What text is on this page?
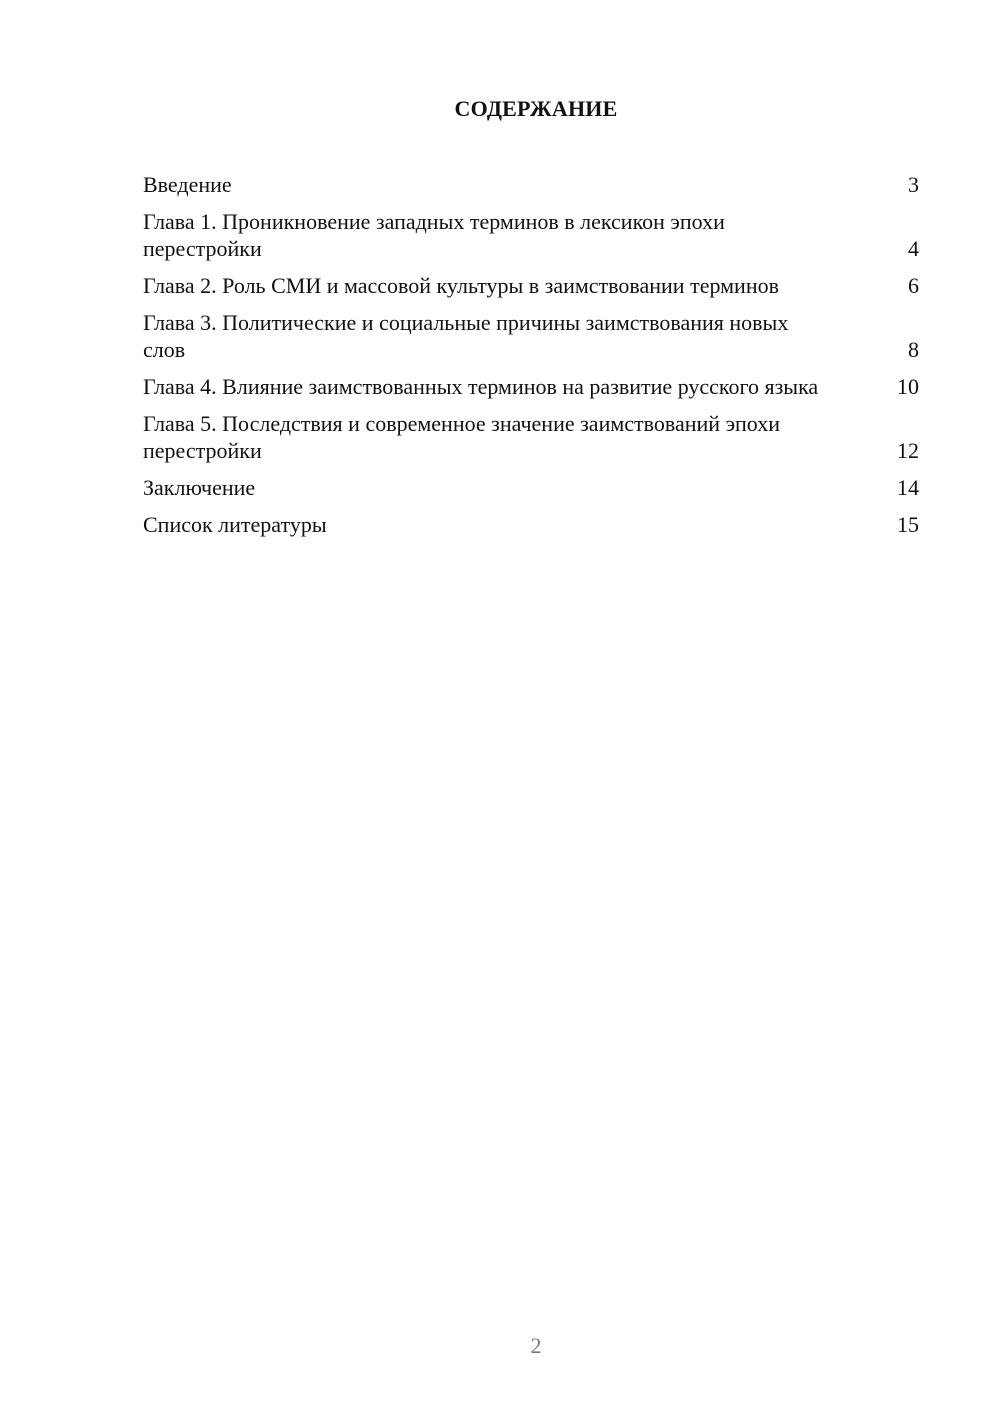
СОДЕРЖАНИЕ
Введение	3
Глава 1. Проникновение западных терминов в лексикон эпохи перестройки	4
Глава 2. Роль СМИ и массовой культуры в заимствовании терминов	6
Глава 3. Политические и социальные причины заимствования новых слов	8
Глава 4. Влияние заимствованных терминов на развитие русского языка	10
Глава 5. Последствия и современное значение заимствований эпохи перестройки	12
Заключение	14
Список литературы	15
2
